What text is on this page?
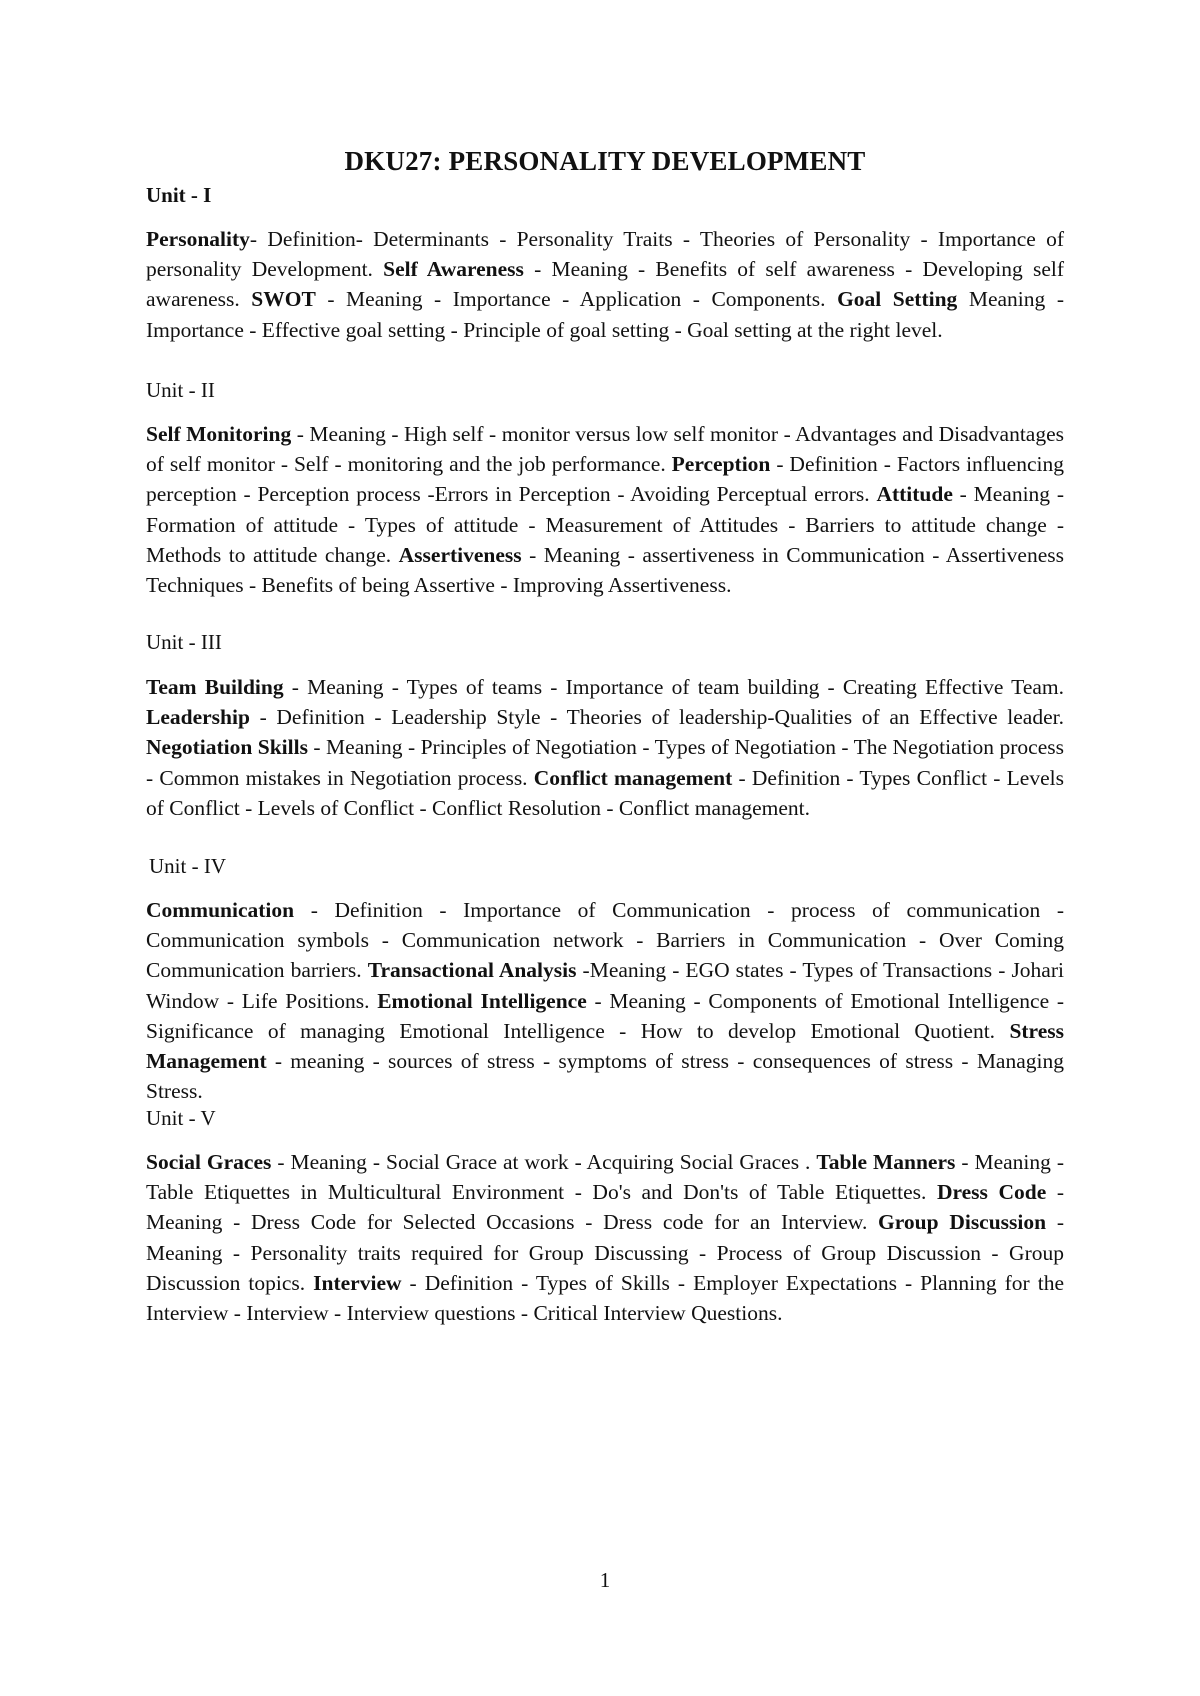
DKU27: PERSONALITY DEVELOPMENT
Unit - I
Personality- Definition- Determinants - Personality Traits - Theories of Personality - Importance of personality Development. Self Awareness - Meaning - Benefits of self awareness - Developing self awareness. SWOT - Meaning - Importance - Application - Components. Goal Setting Meaning - Importance - Effective goal setting - Principle of goal setting - Goal setting at the right level.
Unit - II
Self Monitoring - Meaning - High self - monitor versus low self monitor - Advantages and Disadvantages of self monitor - Self - monitoring and the job performance. Perception - Definition - Factors influencing perception - Perception process -Errors in Perception - Avoiding Perceptual errors. Attitude - Meaning - Formation of attitude - Types of attitude - Measurement of Attitudes - Barriers to attitude change - Methods to attitude change. Assertiveness - Meaning - assertiveness in Communication - Assertiveness Techniques - Benefits of being Assertive - Improving Assertiveness.
Unit - III
Team Building - Meaning - Types of teams - Importance of team building - Creating Effective Team. Leadership - Definition - Leadership Style - Theories of leadership-Qualities of an Effective leader. Negotiation Skills - Meaning - Principles of Negotiation - Types of Negotiation - The Negotiation process - Common mistakes in Negotiation process. Conflict management - Definition - Types Conflict - Levels of Conflict - Levels of Conflict - Conflict Resolution - Conflict management.
Unit - IV
Communication - Definition - Importance of Communication - process of communication - Communication symbols - Communication network - Barriers in Communication - Over Coming Communication barriers. Transactional Analysis -Meaning - EGO states - Types of Transactions - Johari Window - Life Positions. Emotional Intelligence - Meaning - Components of Emotional Intelligence - Significance of managing Emotional Intelligence - How to develop Emotional Quotient. Stress Management - meaning - sources of stress - symptoms of stress - consequences of stress - Managing Stress.
Unit - V
Social Graces - Meaning - Social Grace at work - Acquiring Social Graces . Table Manners - Meaning - Table Etiquettes in Multicultural Environment - Do's and Don'ts of Table Etiquettes. Dress Code - Meaning - Dress Code for Selected Occasions - Dress code for an Interview. Group Discussion - Meaning - Personality traits required for Group Discussing - Process of Group Discussion - Group Discussion topics. Interview - Definition - Types of Skills - Employer Expectations - Planning for the Interview - Interview - Interview questions - Critical Interview Questions.
1
